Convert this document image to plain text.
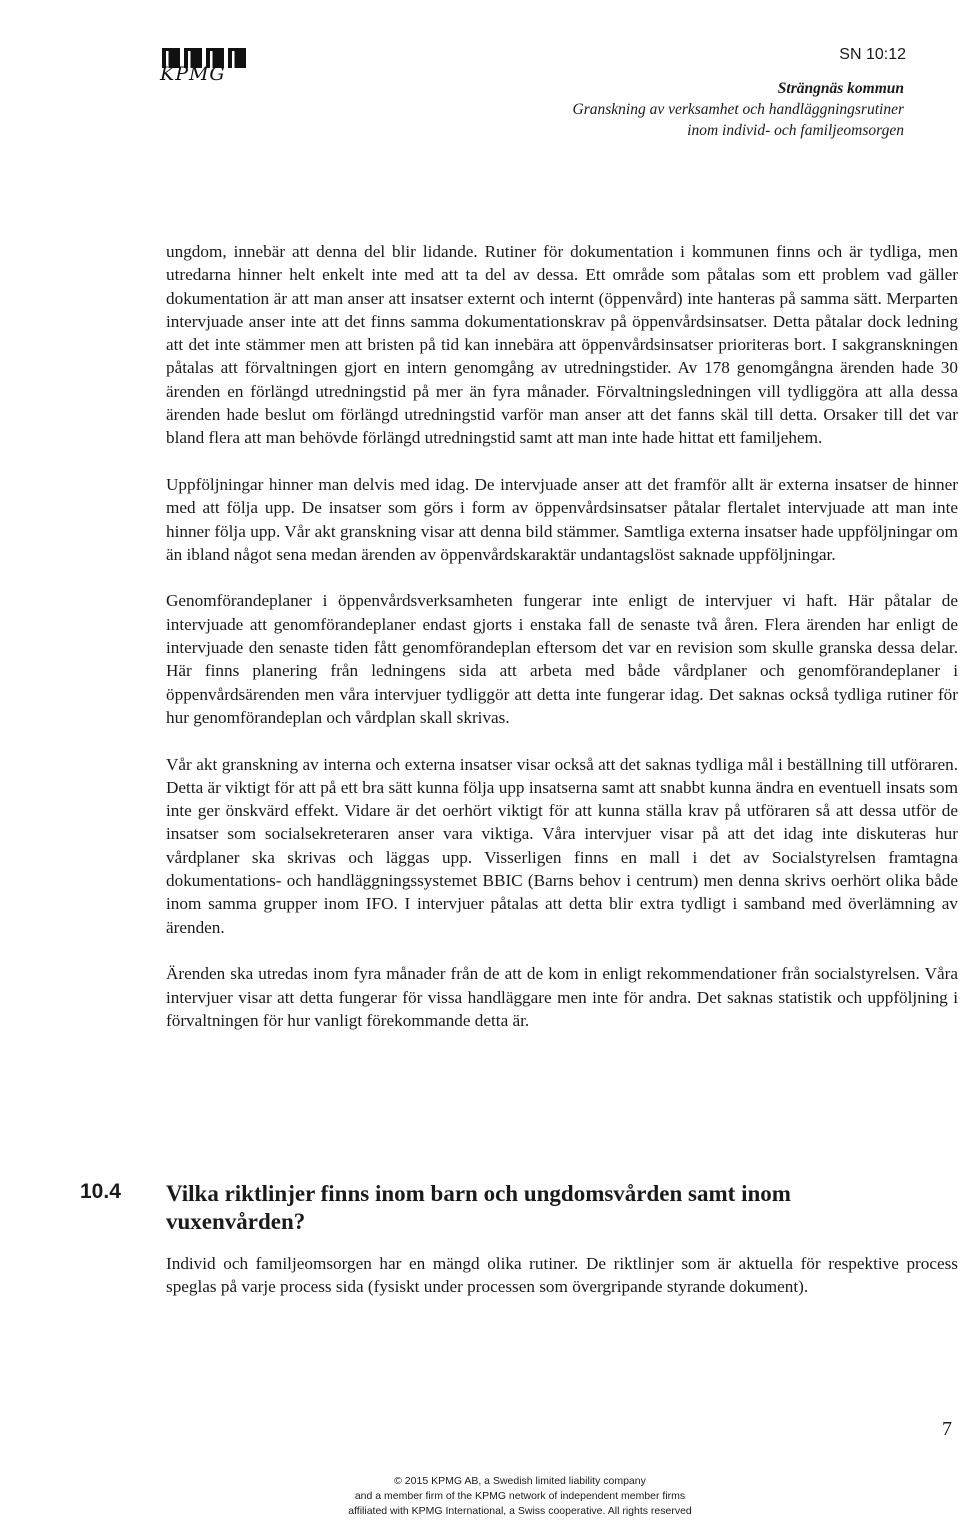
KPMG
SN 10:12
Strängnäs kommun
Granskning av verksamhet och handläggningsrutiner
inom individ- och familjeomsorgen

ungdom, innebär att denna del blir lidande. Rutiner för dokumentation i kommunen finns och är tydliga, men utredarna hinner helt enkelt inte med att ta del av dessa. Ett område som påtalas som ett problem vad gäller dokumentation är att man anser att insatser externt och internt (öppenvård) inte hanteras på samma sätt. Merparten intervjuade anser inte att det finns samma dokumentationskrav på öppenvårdsinsatser. Detta påtalar dock ledning att det inte stämmer men att bristen på tid kan innebära att öppenvårdsinsatser prioriteras bort. I sakgranskningen påtalas att förvaltningen gjort en intern genomgång av utredningstider. Av 178 genomgångna ärenden hade 30 ärenden en förlängd utredningstid på mer än fyra månader. Förvaltningsledningen vill tydliggöra att alla dessa ärenden hade beslut om förlängd utredningstid varför man anser att det fanns skäl till detta. Orsaker till det var bland flera att man behövde förlängd utredningstid samt att man inte hade hittat ett familjehem.

Uppföljningar hinner man delvis med idag. De intervjuade anser att det framför allt är externa insatser de hinner med att följa upp. De insatser som görs i form av öppenvårdsinsatser påtalar flertalet intervjuade att man inte hinner följa upp. Vår akt granskning visar att denna bild stämmer. Samtliga externa insatser hade uppföljningar om än ibland något sena medan ärenden av öppenvårdskaraktär undantagslöst saknade uppföljningar.

Genomförandeplaner i öppenvårdsverksamheten fungerar inte enligt de intervjuer vi haft. Här påtalar de intervjuade att genomförandeplaner endast gjorts i enstaka fall de senaste två åren. Flera ärenden har enligt de intervjuade den senaste tiden fått genomförandeplan eftersom det var en revision som skulle granska dessa delar. Här finns planering från ledningens sida att arbeta med både vårdplaner och genomförandeplaner i öppenvårdsärenden men våra intervjuer tydliggör att detta inte fungerar idag. Det saknas också tydliga rutiner för hur genomförandeplan och vårdplan skall skrivas.

Vår akt granskning av interna och externa insatser visar också att det saknas tydliga mål i beställning till utföraren. Detta är viktigt för att på ett bra sätt kunna följa upp insatserna samt att snabbt kunna ändra en eventuell insats som inte ger önskvärd effekt. Vidare är det oerhört viktigt för att kunna ställa krav på utföraren så att dessa utför de insatser som socialsekreteraren anser vara viktiga. Våra intervjuer visar på att det idag inte diskuteras hur vårdplaner ska skrivas och läggas upp. Visserligen finns en mall i det av Socialstyrelsen framtagna dokumentations- och handläggningssystemet BBIC (Barns behov i centrum) men denna skrivs oerhört olika både inom samma grupper inom IFO. I intervjuer påtalas att detta blir extra tydligt i samband med överlämning av ärenden.

Ärenden ska utredas inom fyra månader från de att de kom in enligt rekommendationer från socialstyrelsen. Våra intervjuer visar att detta fungerar för vissa handläggare men inte för andra. Det saknas statistik och uppföljning i förvaltningen för hur vanligt förekommande detta är.

10.4 Vilka riktlinjer finns inom barn och ungdomsvården samt inom vuxenvården?

Individ och familjeomsorgen har en mängd olika rutiner. De riktlinjer som är aktuella för respektive process speglas på varje process sida (fysiskt under processen som övergripande styrande dokument).

7
© 2015 KPMG AB, a Swedish limited liability company
and a member firm of the KPMG network of independent member firms
affiliated with KPMG International, a Swiss cooperative. All rights reserved
